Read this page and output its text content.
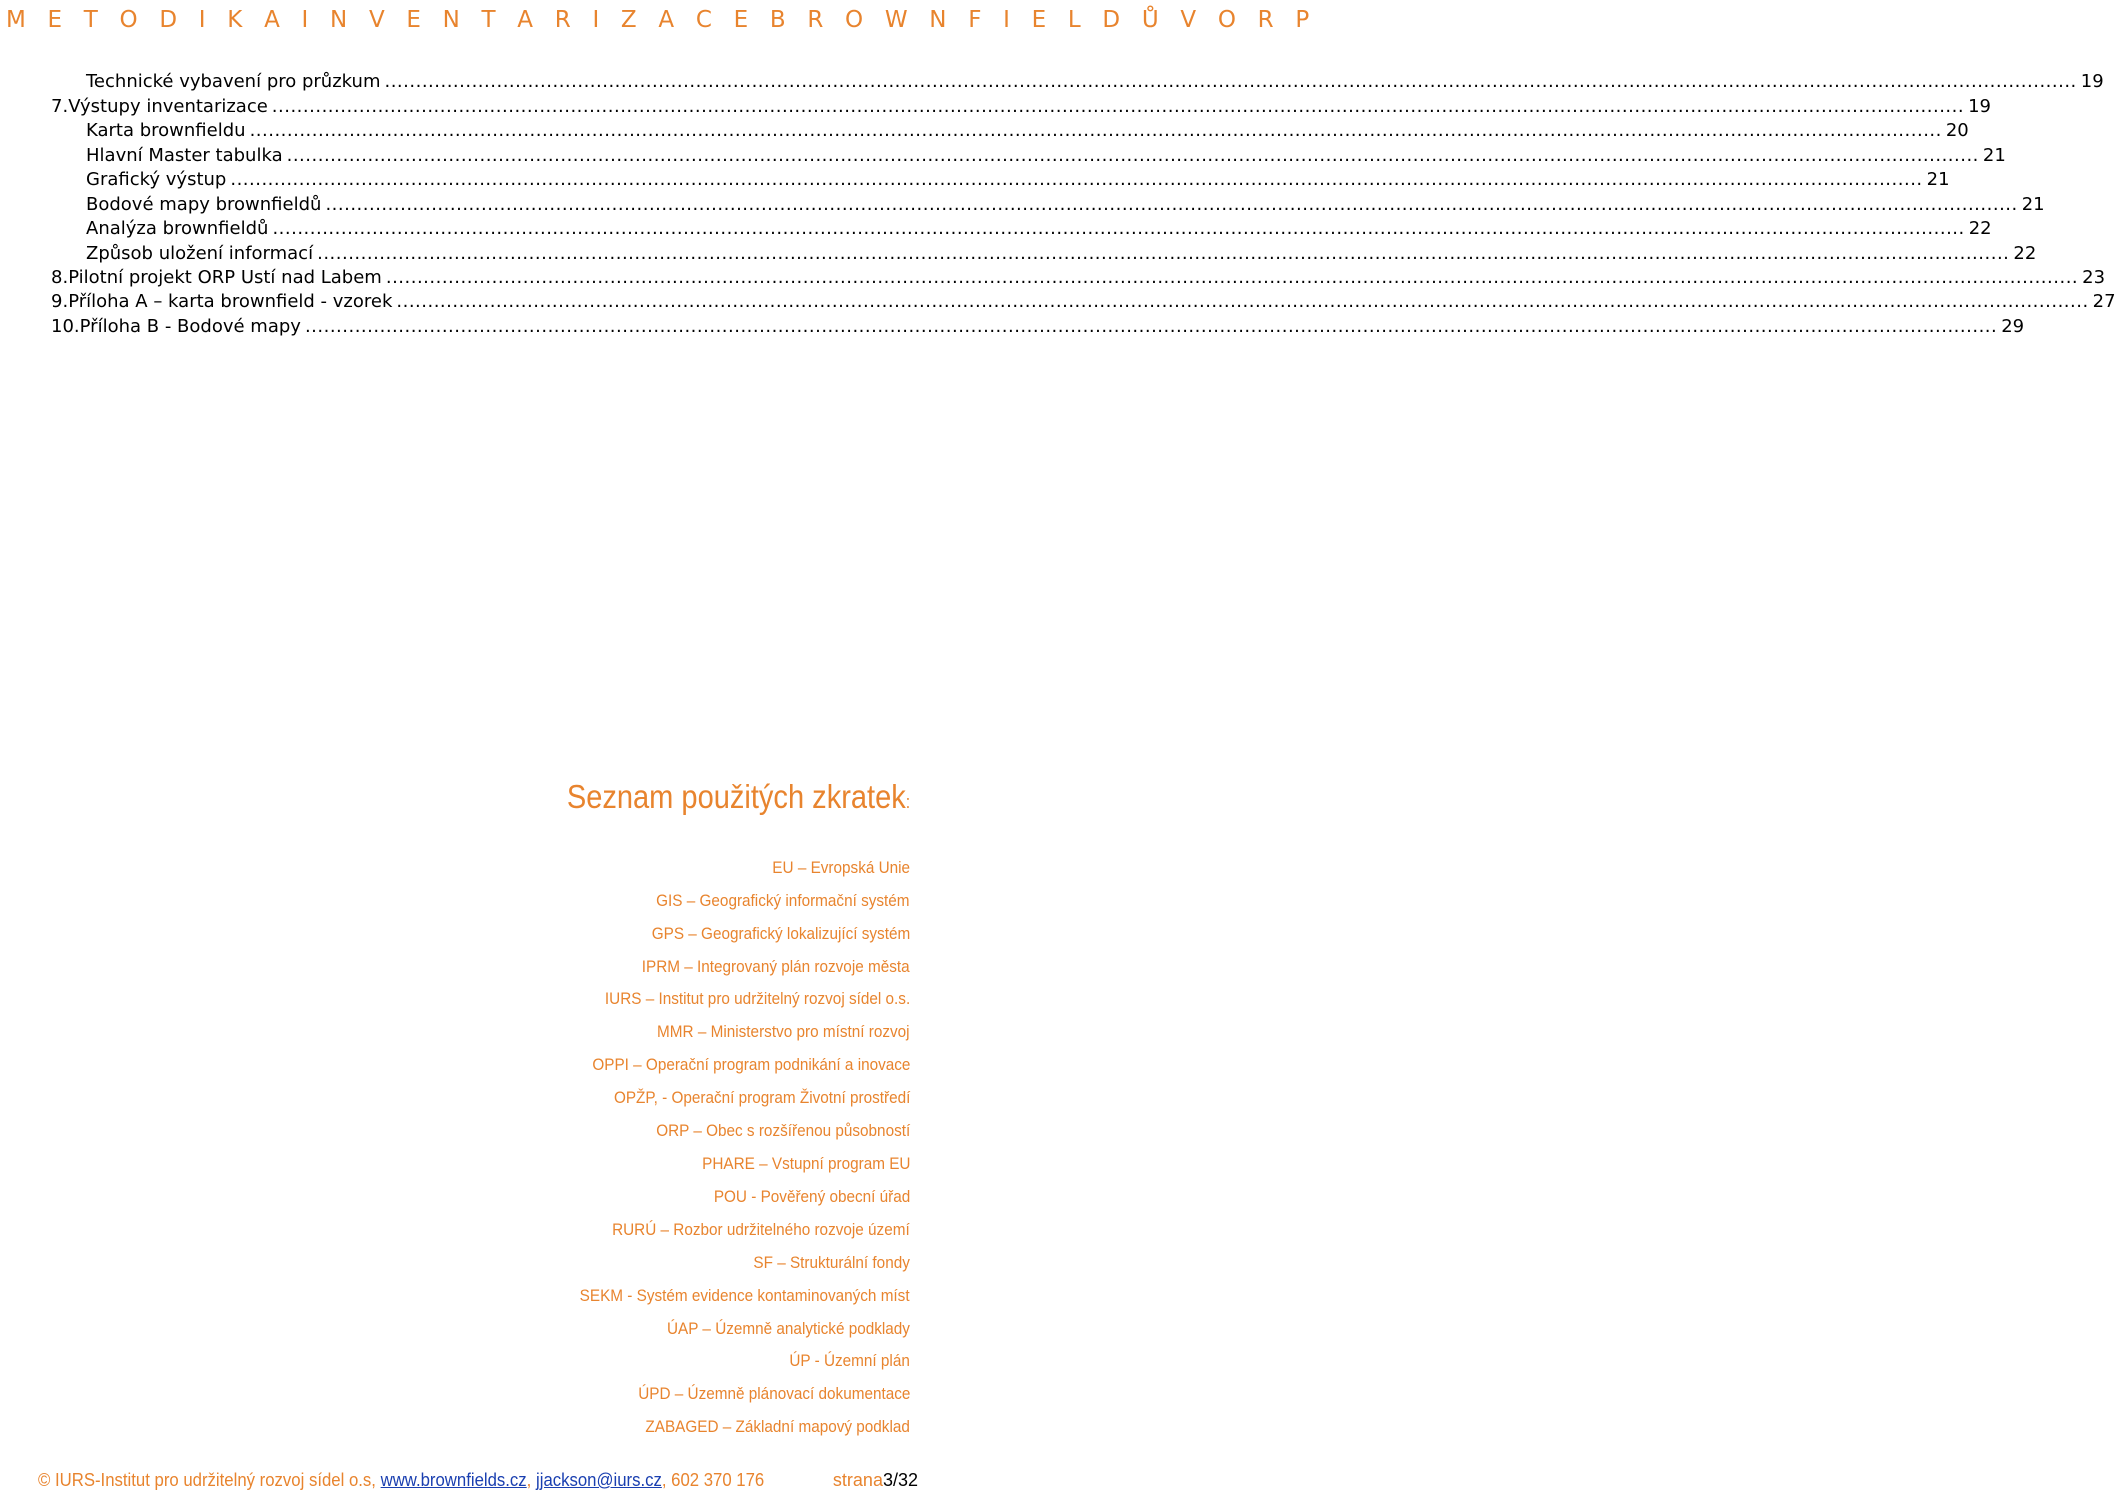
M E T O D I K A I N V E N T A R I Z A C E B R O W N F I E L D Ů V O R P
Technické vybavení pro průzkum .....	19
7. Výstupy inventarizace .....	19
Karta brownfieldu .....	20
Hlavní Master tabulka .....	21
Grafický výstup .....	21
Bodové mapy brownfieldů .....	21
Analýza brownfieldů .....	22
Způsob uložení informací .....	22
8. Pilotní projekt ORP Ustí nad Labem .....	23
9. Příloha A – karta brownfield - vzorek .....	27
10. Příloha B - Bodové mapy .....	29
Seznam použitých zkratek:
EU – Evropská Unie
GIS – Geografický informační systém
GPS – Geografický lokalizující systém
IPRM – Integrovaný plán rozvoje města
IURS – Institut pro udržitelný rozvoj sídel o.s.
MMR – Ministerstvo pro místní rozvoj
OPPI – Operační program podnikání a inovace
OPŽP, - Operační program Životní prostředí
ORP – Obec s rozšířenou působností
PHARE – Vstupní program EU
POU - Pověřený obecní úřad
RURÚ – Rozbor udržitelného rozvoje území
SF – Strukturální fondy
SEKM - Systém evidence kontaminovaných míst
ÚAP – Územně analytické podklady
ÚP - Územní plán
ÚPD – Územně plánovací dokumentace
ZABAGED – Základní mapový podklad
© IURS-Institut pro udržitelný rozvoj sídel o.s, www.brownfields.cz, jjackson@iurs.cz, 602 370 176	strana3/32
